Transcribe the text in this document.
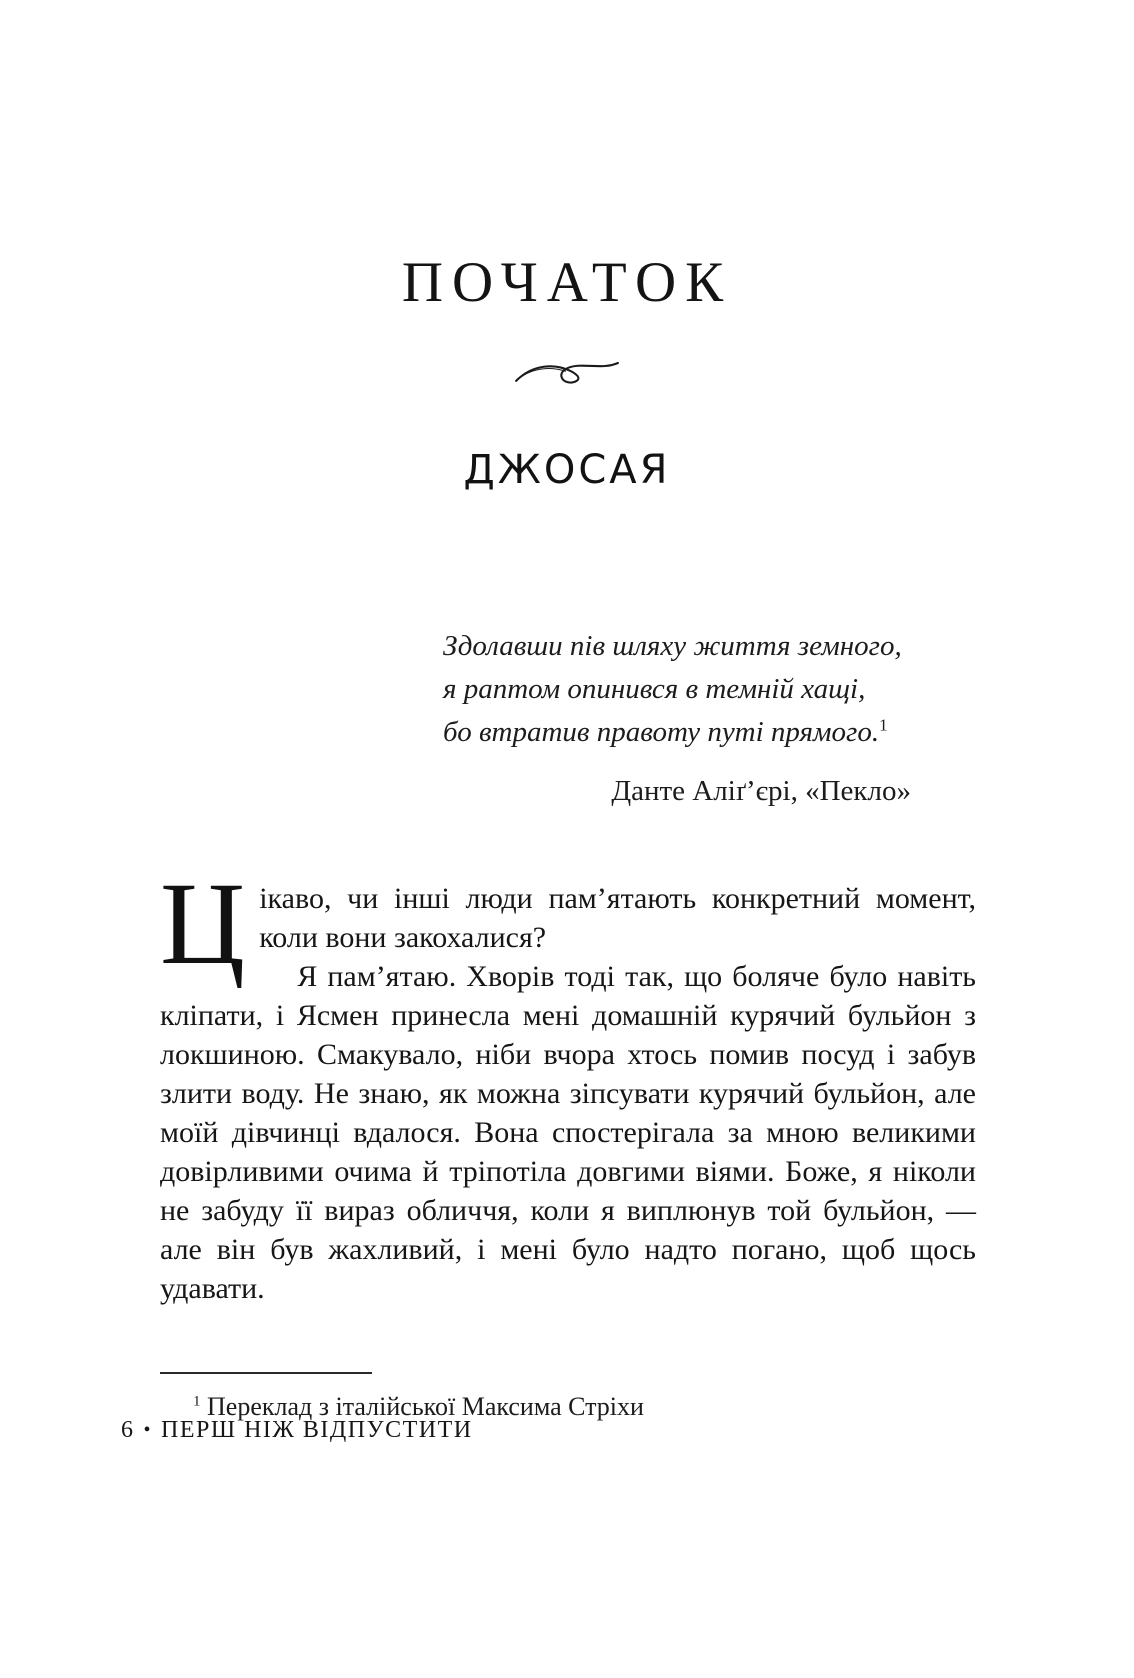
ПОЧАТОК
ДЖОСАЯ
Здолавши пів шляху життя земного,
я раптом опинився в темній хащі,
бо втратив правоту путі прямого.$^1$
Данте Аліґ’єрі, «Пекло»

Цікаво, чи інші люди пам’ятають конкретний момент, коли вони закохалися?

Я пам’ятаю. Хворів тоді так, що боляче було навіть кліпати, і Ясмен принесла мені домашній курячий бульйон з локшиною. Смакувало, ніби вчора хтось помив посуд і забув злити воду. Не знаю, як можна зіпсувати курячий бульйон, але моїй дівчинці вдалося. Вона спостерігала за мною великими довірливими очима й тріпотіла довгими віями. Боже, я ніколи не забуду її вираз обличчя, коли я виплюнув той бульйон, — але він був жахливий, і мені було надто погано, щоб щось удавати.

$^1$ Переклад з італійської Максима Стріхи
6 • ПЕРШ НІЖ ВІДПУСТИТИ
